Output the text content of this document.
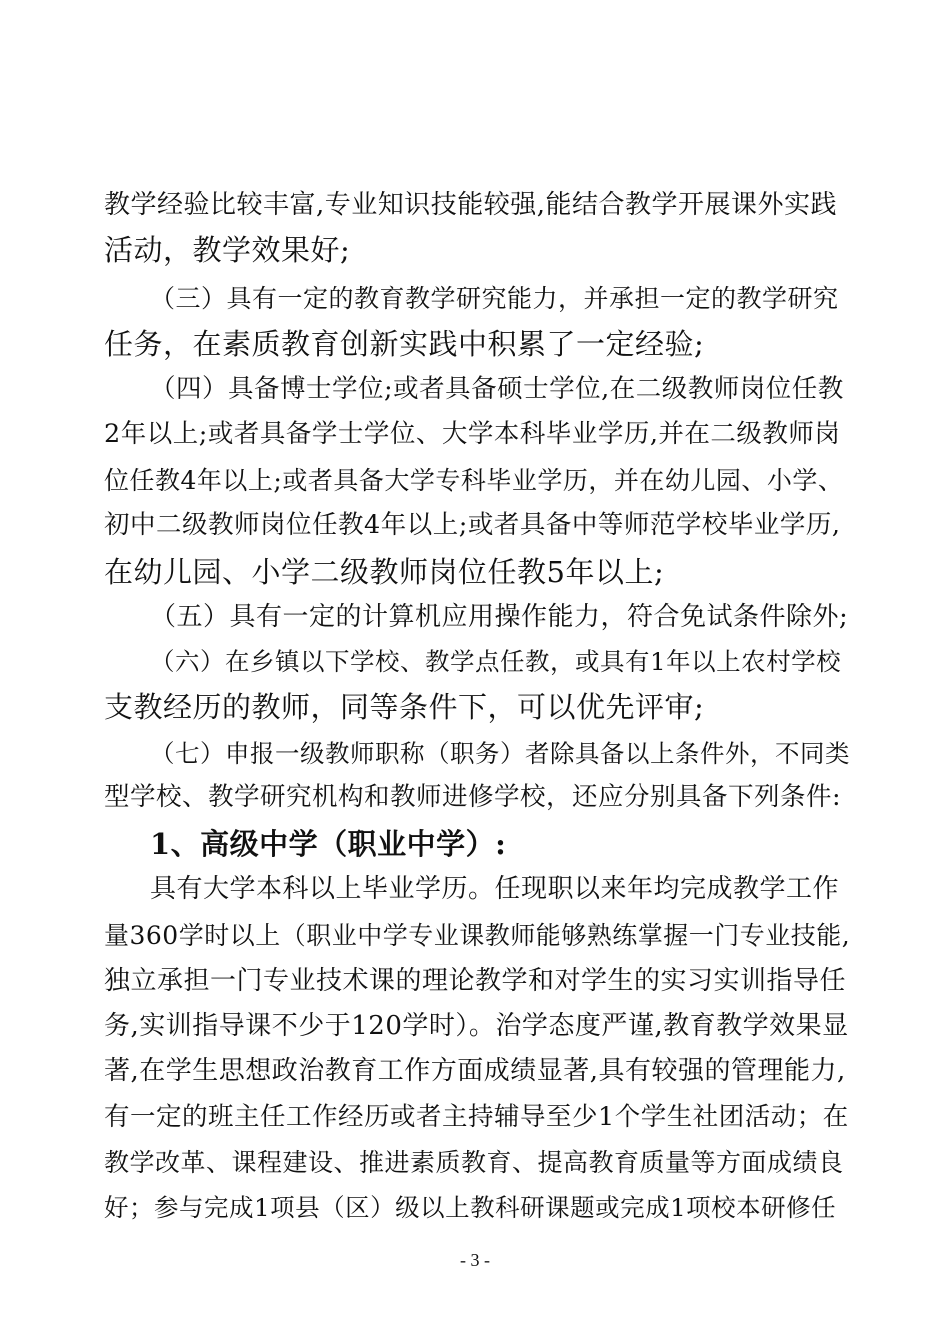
教学经验比较丰富,专业知识技能较强,能结合教学开展课外实践
活动，教学效果好;
（三）具有一定的教育教学研究能力，并承担一定的教学研究
任务，在素质教育创新实践中积累了一定经验;
（四）具备博士学位;或者具备硕士学位,在二级教师岗位任教
2年以上;或者具备学士学位、大学本科毕业学历,并在二级教师岗
位任教4年以上;或者具备大学专科毕业学历，并在幼儿园、小学、
初中二级教师岗位任教4年以上;或者具备中等师范学校毕业学历,
在幼儿园、小学二级教师岗位任教5年以上;
（五）具有一定的计算机应用操作能力，符合免试条件除外;
（六）在乡镇以下学校、教学点任教，或具有1年以上农村学校
支教经历的教师，同等条件下，可以优先评审;
（七）申报一级教师职称（职务）者除具备以上条件外，不同类
型学校、教学研究机构和教师进修学校，还应分别具备下列条件:
1、高级中学（职业中学）:
具有大学本科以上毕业学历。任现职以来年均完成教学工作
量360学时以上（职业中学专业课教师能够熟练掌握一门专业技能,
独立承担一门专业技术课的理论教学和对学生的实习实训指导任
务,实训指导课不少于120学时）。治学态度严谨,教育教学效果显
著,在学生思想政治教育工作方面成绩显著,具有较强的管理能力,
有一定的班主任工作经历或者主持辅导至少1个学生社团活动；在
教学改革、课程建设、推进素质教育、提高教育质量等方面成绩良
好；参与完成1项县（区）级以上教科研课题或完成1项校本研修任
- 3 -
